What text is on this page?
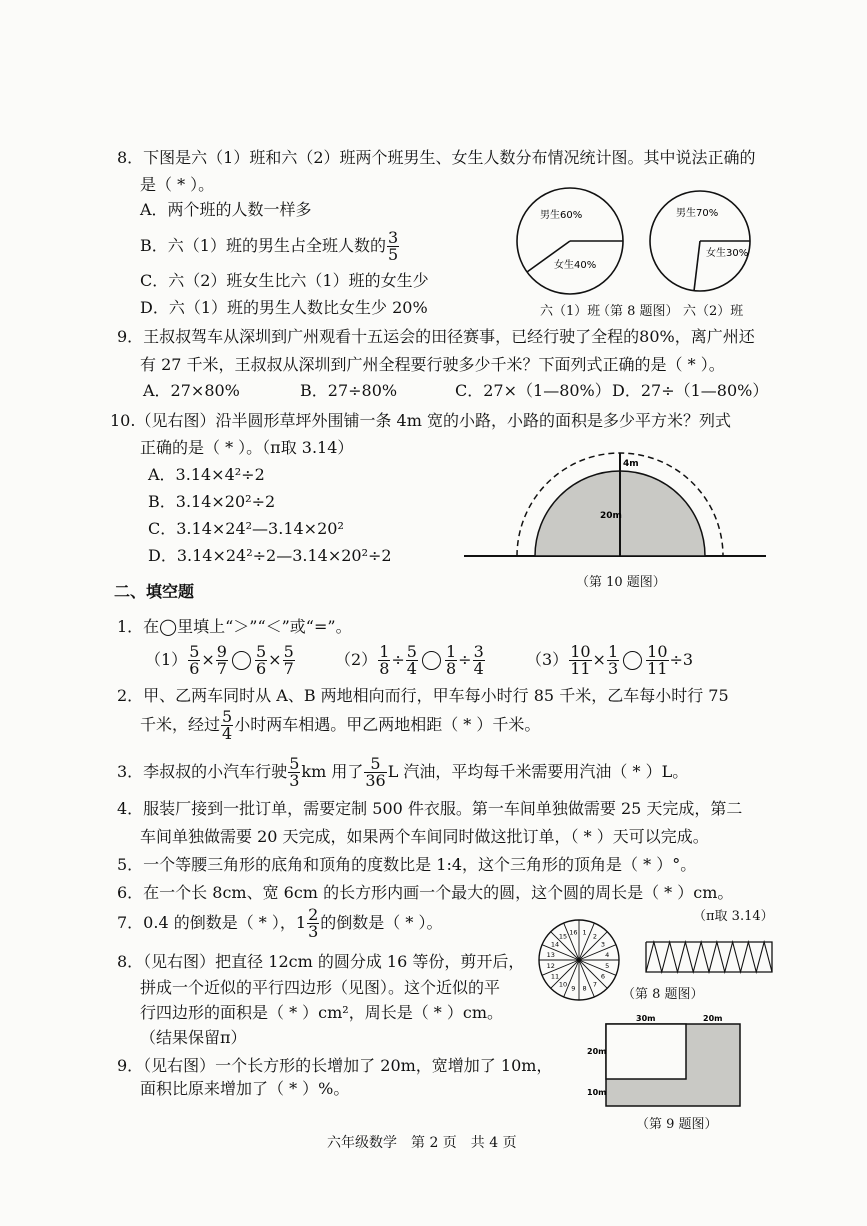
8．下图是六（1）班和六（2）班两个班男生、女生人数分布情况统计图。其中说法正确的
是（ * ）。
A．两个班的人数一样多
B．六（1）班的男生占全班人数的 $\frac{3}{5}$
C．六（2）班女生比六（1）班的女生少
D．六（1）班的男生人数比女生少 20%
男生60%
女生40%
男生70%
女生30%
六（1）班
（第 8 题图） 六（2）班
9．王叔叔驾车从深圳到广州观看十五运会的田径赛事，已经行驶了全程的80%，离广州还
有 27 千米，王叔叔从深圳到广州全程要行驶多少千米？下面列式正确的是（ * ）。
A．27×80%	B．27÷80%	C．27×（1—80%） D．27÷（1—80%）
10.（见右图）沿半圆形草坪外围铺一条 4m 宽的小路，小路的面积是多少平方米？列式
正确的是（ * ）。（π取 3.14）
A．3.14×4²÷2
B．3.14×20²÷2
C．3.14×24²—3.14×20²
D．3.14×24²÷2—3.14×20²÷2
4m
20m
（第 10 题图）
二、填空题
1．在◯里填上“＞”“＜”或“=”。
$(1) \frac{5}{6} \times \frac{9}{7} \frac{5}{6} \times \frac{5}{7}$	$(2) \frac{1}{8} \div \frac{5}{4} \frac{1}{8} \div \frac{3}{4}$	$(3) \frac{10}{11} \times \frac{1}{3} \frac{10}{11} \div 3$
2．甲、乙两车同时从 A、B 两地相向而行，甲车每小时行 85 千米，乙车每小时行 75
千米，经过 $\frac{5}{4}$ 小时两车相遇。甲乙两地相距（ * ）千米。
3．李叔叔的小汽车行驶 $\frac{5}{3}$ km 用了 $\frac{5}{36}$ L 汽油，平均每千米需要用汽油（ * ）L。
4．服装厂接到一批订单，需要定制 500 件衣服。第一车间单独做需要 25 天完成，第二
车间单独做需要 20 天完成，如果两个车间同时做这批订单，（ * ）天可以完成。
5．一个等腰三角形的底角和顶角的度数比是 1:4，这个三角形的顶角是（ * ）°。
6．在一个长 8cm、宽 6cm 的长方形内画一个最大的圆，这个圆的周长是（ * ）cm。
（π取 3.14）
7．0.4 的倒数是（ * ），$1 \frac{2}{3}$ 的倒数是（ * ）。
8．（见右图）把直径 12cm 的圆分成 16 等份，剪开后，
拼成一个近似的平行四边形（见图）。这个近似的平
行四边形的面积是（ * ）cm²，周长是（ * ）cm。
（结果保留π）
1
2
3
4
5
6
7
8
9
10
11
12
13
14
15
16
（第 8 题图）
9．（见右图）一个长方形的长增加了 20m，宽增加了 10m，
面积比原来增加了（ * ）%。
30m	20m
20m
10m
（第 9 题图）
六年级数学　第 2 页　共 4 页
